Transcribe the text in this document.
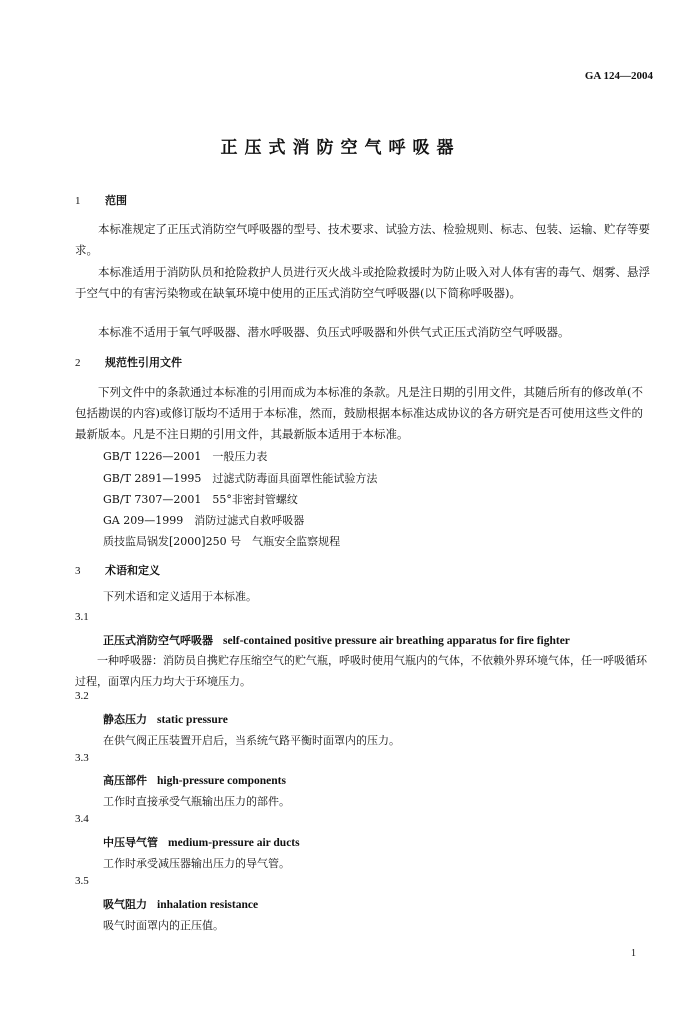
GA 124—2004
正压式消防空气呼吸器
1 范围
本标准规定了正压式消防空气呼吸器的型号、技术要求、试验方法、检验规则、标志、包装、运输、贮存等要求。
本标准适用于消防队员和抢险救护人员进行灭火战斗或抢险救援时为防止吸入对人体有害的毒气、烟雾、悬浮于空气中的有害污染物或在缺氧环境中使用的正压式消防空气呼吸器(以下简称呼吸器)。
本标准不适用于氧气呼吸器、潜水呼吸器、负压式呼吸器和外供气式正压式消防空气呼吸器。
2 规范性引用文件
下列文件中的条款通过本标准的引用而成为本标准的条款。凡是注日期的引用文件，其随后所有的修改单(不包括勘误的内容)或修订版均不适用于本标准，然而，鼓励根据本标准达成协议的各方研究是否可使用这些文件的最新版本。凡是不注日期的引用文件，其最新版本适用于本标准。
GB/T 1226—2001　一般压力表
GB/T 2891—1995　过滤式防毒面具面罩性能试验方法
GB/T 7307—2001　55°非密封管螺纹
GA 209—1999　消防过滤式自救呼吸器
质技监局锅发[2000]250 号　气瓶安全监察规程
3 术语和定义
下列术语和定义适用于本标准。
3.1
正压式消防空气呼吸器 self-contained positive pressure air breathing apparatus for fire fighter
一种呼吸器：消防员自携贮存压缩空气的贮气瓶，呼吸时使用气瓶内的气体，不依赖外界环境气体，任一呼吸循环过程，面罩内压力均大于环境压力。
3.2
静态压力 static pressure
在供气阀正压装置开启后，当系统气路平衡时面罩内的压力。
3.3
高压部件 high-pressure components
工作时直接承受气瓶输出压力的部件。
3.4
中压导气管 medium-pressure air ducts
工作时承受减压器输出压力的导气管。
3.5
吸气阻力 inhalation resistance
吸气时面罩内的正压值。
1
